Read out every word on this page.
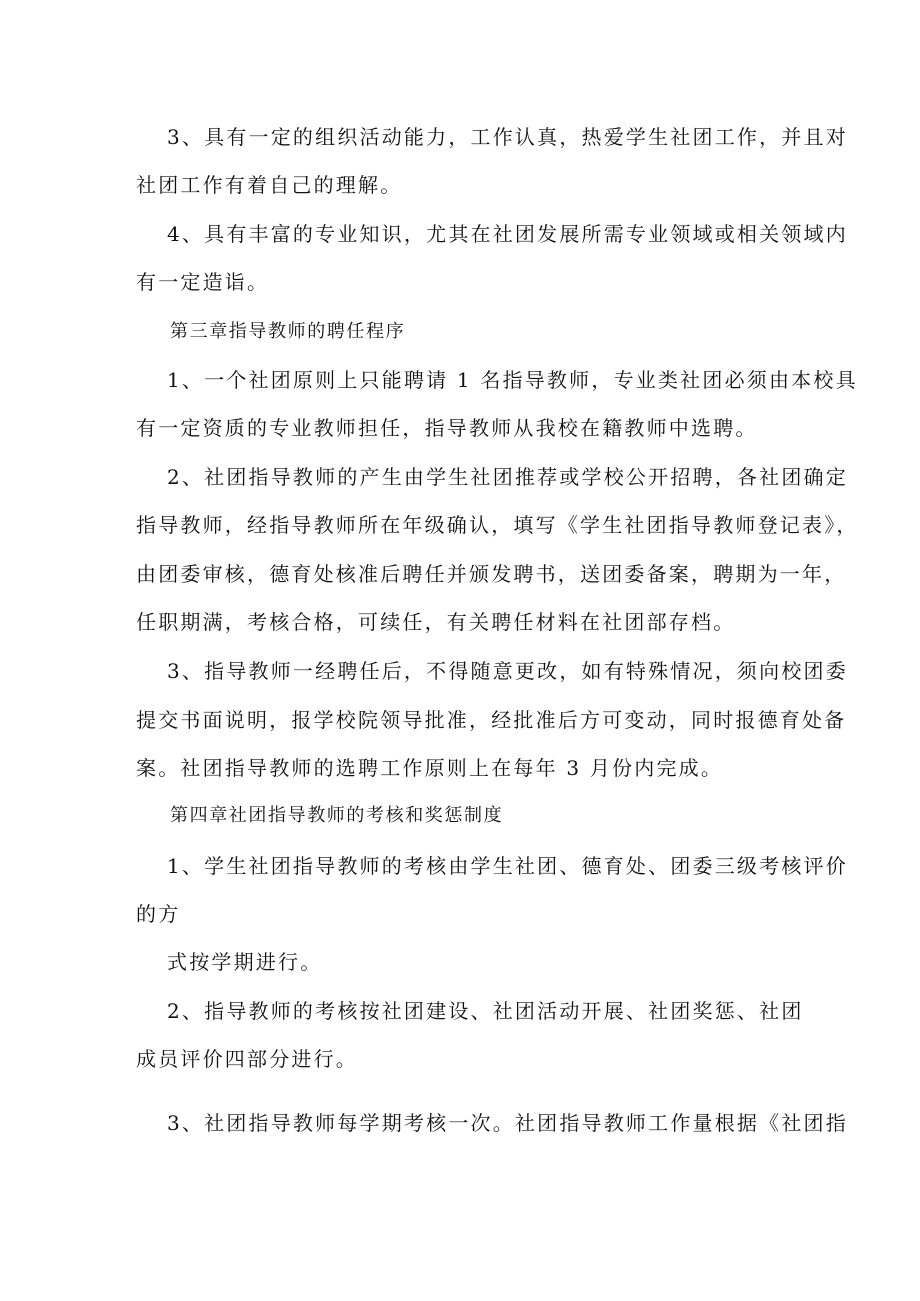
3、具有一定的组织活动能力，工作认真，热爱学生社团工作，并且对
社团工作有着自己的理解。
4、具有丰富的专业知识，尤其在社团发展所需专业领域或相关领域内
有一定造诣。
第三章指导教师的聘任程序
1、一个社团原则上只能聘请 1 名指导教师，专业类社团必须由本校具
有一定资质的专业教师担任，指导教师从我校在籍教师中选聘。
2、社团指导教师的产生由学生社团推荐或学校公开招聘，各社团确定
指导教师，经指导教师所在年级确认，填写《学生社团指导教师登记表》，
由团委审核，德育处核准后聘任并颁发聘书，送团委备案，聘期为一年，
任职期满，考核合格，可续任，有关聘任材料在社团部存档。
3、指导教师一经聘任后，不得随意更改，如有特殊情况，须向校团委
提交书面说明，报学校院领导批准，经批准后方可变动，同时报德育处备
案。社团指导教师的选聘工作原则上在每年 3 月份内完成。
第四章社团指导教师的考核和奖惩制度
1、学生社团指导教师的考核由学生社团、德育处、团委三级考核评价
的方
式按学期进行。
2、指导教师的考核按社团建设、社团活动开展、社团奖惩、社团
成员评价四部分进行。
3、社团指导教师每学期考核一次。社团指导教师工作量根据《社团指
